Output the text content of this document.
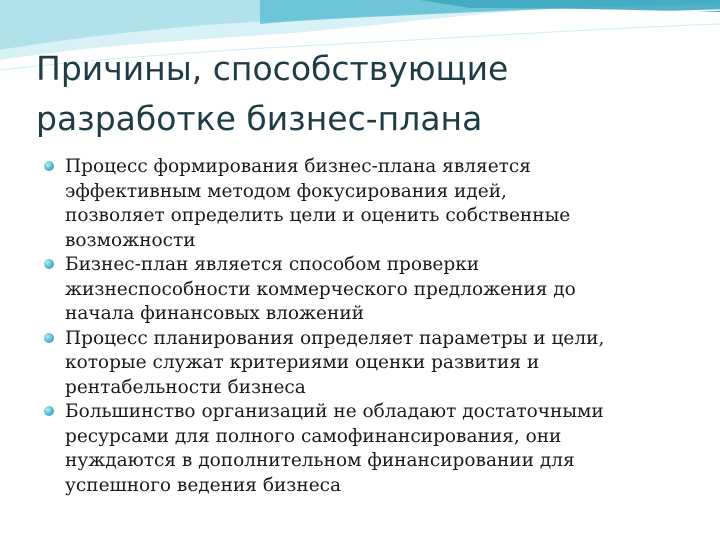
Причины, способствующие
разработке бизнес-плана
Процесс формирования бизнес-плана является
эффективным методом фокусирования идей,
позволяет определить цели и оценить собственные
возможности
Бизнес-план является способом проверки
жизнеспособности коммерческого предложения до
начала финансовых вложений
Процесс планирования определяет параметры и цели,
которые служат критериями оценки развития и
рентабельности бизнеса
Большинство организаций не обладают достаточными
ресурсами для полного самофинансирования, они
нуждаются в дополнительном финансировании для
успешного ведения бизнеса
